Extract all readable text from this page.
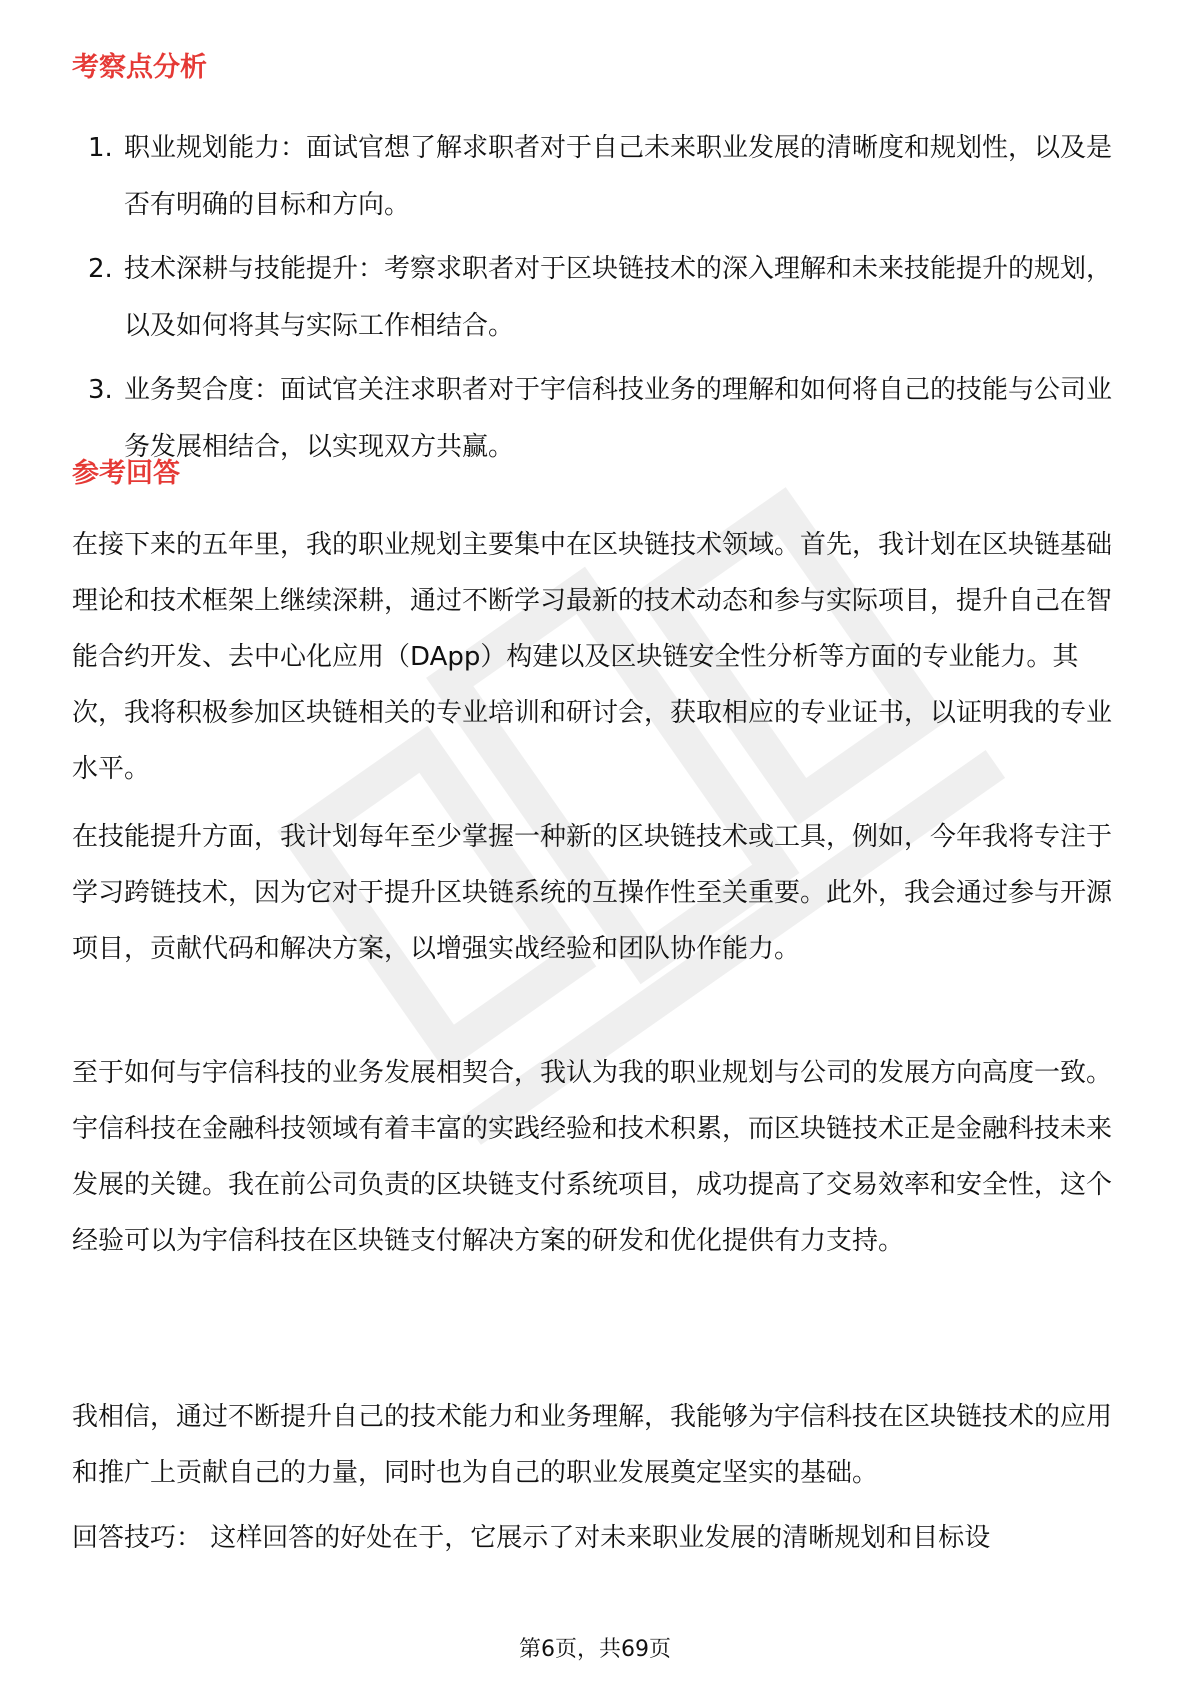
考察点分析
1. 职业规划能力：面试官想了解求职者对于自己未来职业发展的清晰度和规划性，以及是否有明确的目标和方向。
2. 技术深耕与技能提升：考察求职者对于区块链技术的深入理解和未来技能提升的规划，以及如何将其与实际工作相结合。
3. 业务契合度：面试官关注求职者对于宇信科技业务的理解和如何将自己的技能与公司业务发展相结合，以实现双方共赢。
参考回答

在接下来的五年里，我的职业规划主要集中在区块链技术领域。首先，我计划在区块链基础理论和技术框架上继续深耕，通过不断学习最新的技术动态和参与实际项目，提升自己在智能合约开发、去中心化应用（DApp）构建以及区块链安全性分析等方面的专业能力。其次，我将积极参加区块链相关的专业培训和研讨会，获取相应的专业证书，以证明我的专业水平。

在技能提升方面，我计划每年至少掌握一种新的区块链技术或工具，例如，今年我将专注于学习跨链技术，因为它对于提升区块链系统的互操作性至关重要。此外，我会通过参与开源项目，贡献代码和解决方案，以增强实战经验和团队协作能力。

至于如何与宇信科技的业务发展相契合，我认为我的职业规划与公司的发展方向高度一致。宇信科技在金融科技领域有着丰富的实践经验和技术积累，而区块链技术正是金融科技未来发展的关键。我在前公司负责的区块链支付系统项目，成功提高了交易效率和安全性，这个经验可以为宇信科技在区块链支付解决方案的研发和优化提供有力支持。

我相信，通过不断提升自己的技术能力和业务理解，我能够为宇信科技在区块链技术的应用和推广上贡献自己的力量，同时也为自己的职业发展奠定坚实的基础。

回答技巧： 这样回答的好处在于，它展示了对未来职业发展的清晰规划和目标设

第6页，共69页
